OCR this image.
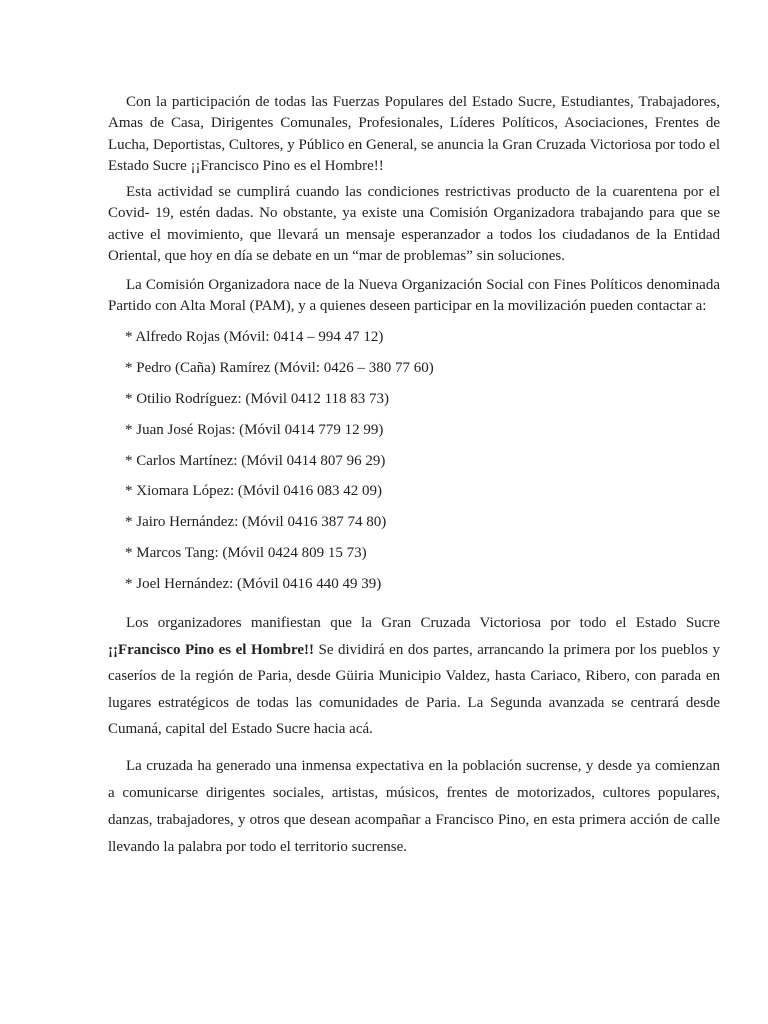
Con la participación de todas las Fuerzas Populares del Estado Sucre, Estudiantes, Trabajadores, Amas de Casa, Dirigentes Comunales, Profesionales, Líderes Políticos, Asociaciones, Frentes de Lucha, Deportistas, Cultores, y Público en General, se anuncia la Gran Cruzada Victoriosa por todo el Estado Sucre ¡¡Francisco Pino es el Hombre!!

Esta actividad se cumplirá cuando las condiciones restrictivas producto de la cuarentena por el Covid- 19, estén dadas. No obstante, ya existe una Comisión Organizadora trabajando para que se active el movimiento, que llevará un mensaje esperanzador a todos los ciudadanos de la Entidad Oriental, que hoy en día se debate en un “mar de problemas” sin soluciones.

La Comisión Organizadora nace de la Nueva Organización Social con Fines Políticos denominada Partido con Alta Moral (PAM), y a quienes deseen participar en la movilización pueden contactar a:

* Alfredo Rojas (Móvil: 0414 – 994 47 12)
* Pedro (Caña) Ramírez (Móvil: 0426 – 380 77 60)
* Otilio Rodríguez: (Móvil 0412 118 83 73)
* Juan José Rojas: (Móvil 0414 779 12 99)
* Carlos Martínez: (Móvil 0414 807 96 29)
* Xiomara López: (Móvil 0416 083 42 09)
* Jairo Hernández: (Móvil 0416 387 74 80)
* Marcos Tang: (Móvil 0424 809 15 73)
* Joel Hernández: (Móvil 0416 440 49 39)

Los organizadores manifiestan que la Gran Cruzada Victoriosa por todo el Estado Sucre ¡¡Francisco Pino es el Hombre!! Se dividirá en dos partes, arrancando la primera por los pueblos y caseríos de la región de Paria, desde Güiria Municipio Valdez, hasta Cariaco, Ribero, con parada en lugares estratégicos de todas las comunidades de Paria. La Segunda avanzada se centrará desde Cumaná, capital del Estado Sucre hacia acá.

La cruzada ha generado una inmensa expectativa en la población sucrense, y desde ya comienzan a comunicarse dirigentes sociales, artistas, músicos, frentes de motorizados, cultores populares, danzas, trabajadores, y otros que desean acompañar a Francisco Pino, en esta primera acción de calle llevando la palabra por todo el territorio sucrense.
